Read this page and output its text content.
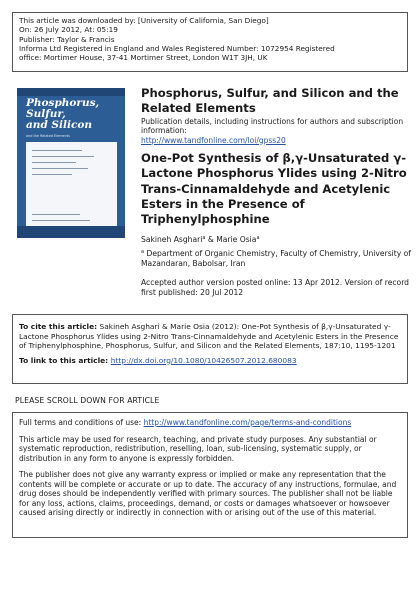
This article was downloaded by: [University of California, San Diego]

On: 26 July 2012, At: 05:19

Publisher: Taylor & Francis

Informa Ltd Registered in England and Wales Registered Number: 1072954 Registered

office: Mortimer House, 37-41 Mortimer Street, London W1T 3JH, UK

Phosphorus,
Sulfur,
and Silicon
and the Related Elements

Phosphorus, Sulfur, and Silicon and the Related Elements

Publication details, including instructions for authors and subscription information:
http://www.tandfonline.com/loi/gpss20

One-Pot Synthesis of β,γ-Unsaturated γ-Lactone Phosphorus Ylides using 2-Nitro Trans-Cinnamaldehyde and Acetylenic Esters in the Presence of Triphenylphosphine

Sakineh Asghari$^a$ & Marie Osia$^a$

$^a$ Department of Organic Chemistry, Faculty of Chemistry, University of Mazandaran, Babolsar, Iran

Accepted author version posted online: 13 Apr 2012. Version of record first published: 20 Jul 2012

To cite this article: Sakineh Asghari & Marie Osia (2012): One-Pot Synthesis of β,γ-Unsaturated γ-Lactone Phosphorus Ylides using 2-Nitro Trans-Cinnamaldehyde and Acetylenic Esters in the Presence of Triphenylphosphine, Phosphorus, Sulfur, and Silicon and the Related Elements, 187:10, 1195-1201

To link to this article: http://dx.doi.org/10.1080/10426507.2012.680083

PLEASE SCROLL DOWN FOR ARTICLE

Full terms and conditions of use: http://www.tandfonline.com/page/terms-and-conditions

This article may be used for research, teaching, and private study purposes. Any substantial or systematic reproduction, redistribution, reselling, loan, sub-licensing, systematic supply, or distribution in any form to anyone is expressly forbidden.

The publisher does not give any warranty express or implied or make any representation that the contents will be complete or accurate or up to date. The accuracy of any instructions, formulae, and drug doses should be independently verified with primary sources. The publisher shall not be liable for any loss, actions, claims, proceedings, demand, or costs or damages whatsoever or howsoever caused arising directly or indirectly in connection with or arising out of the use of this material.
